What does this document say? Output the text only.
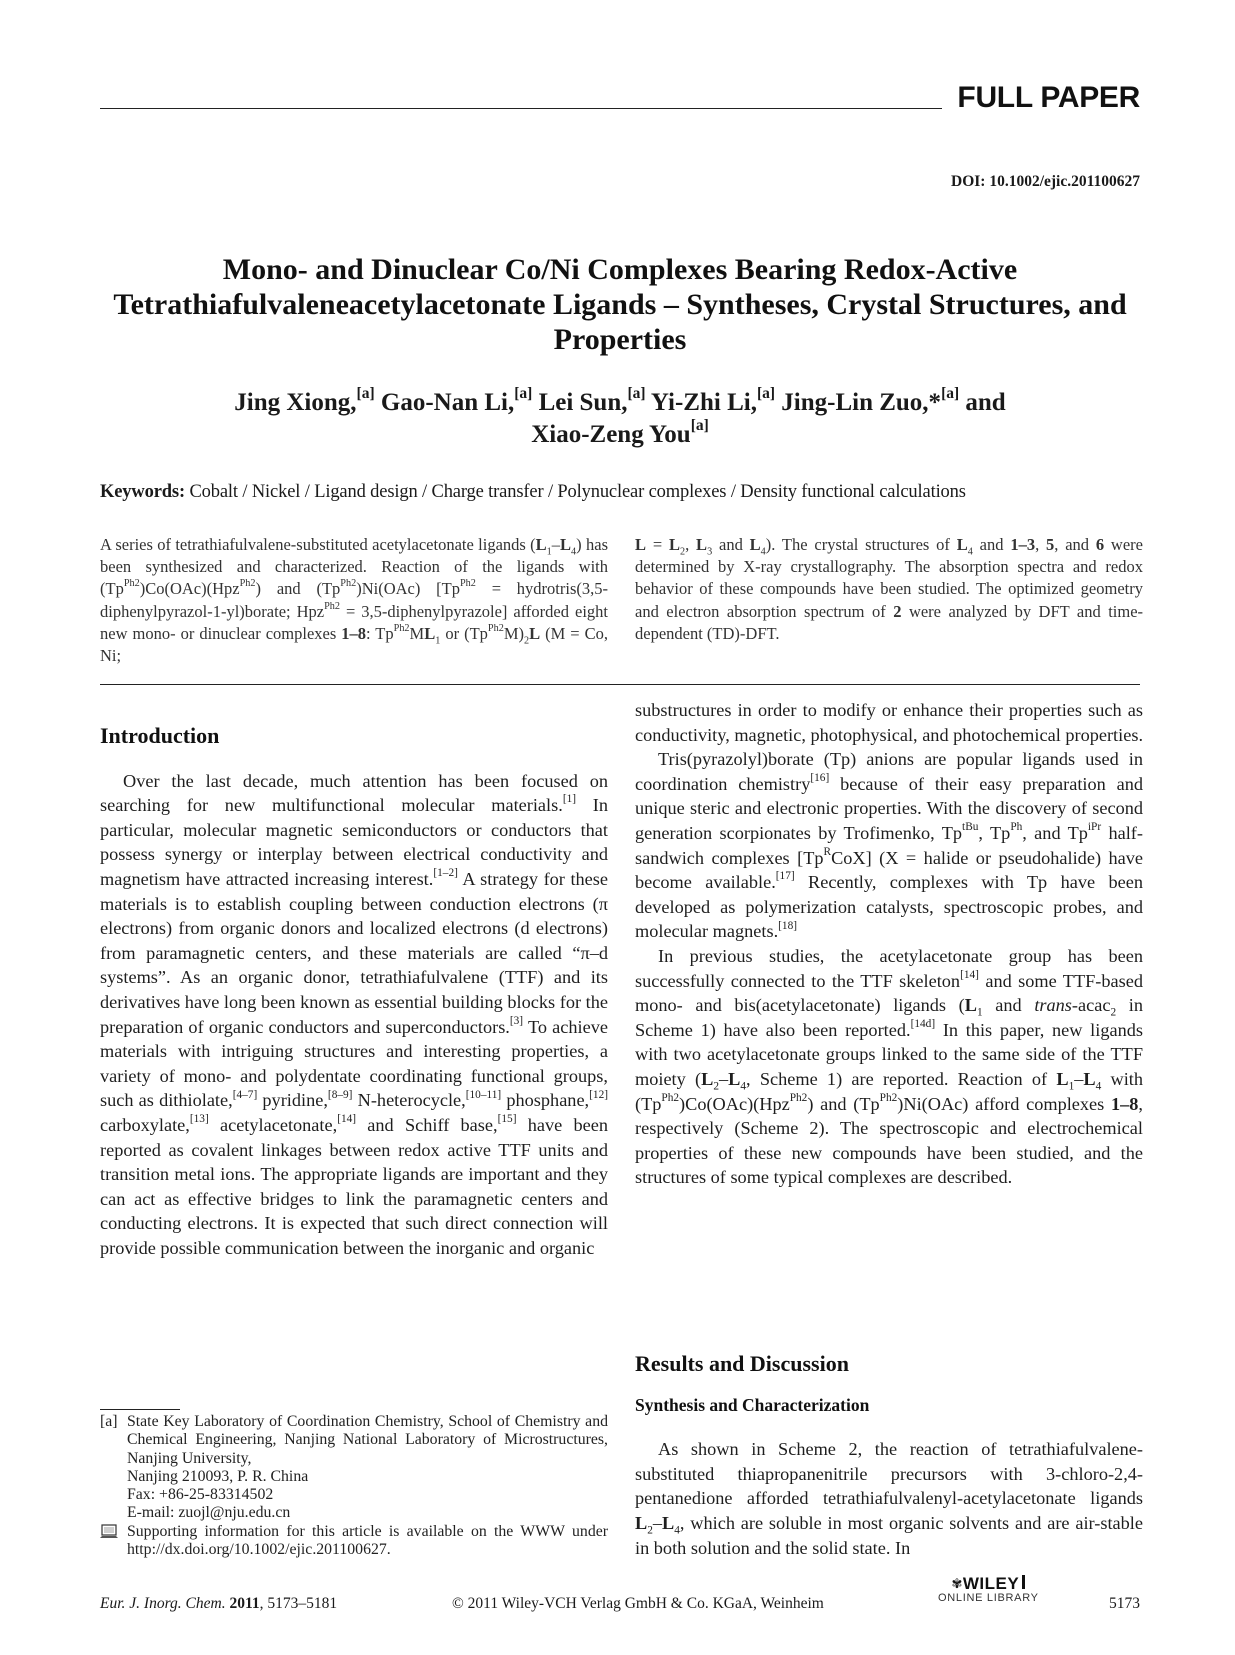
FULL PAPER
DOI: 10.1002/ejic.201100627
Mono- and Dinuclear Co/Ni Complexes Bearing Redox-Active
Tetrathiafulvaleneacetylacetonate Ligands – Syntheses, Crystal Structures, and
Properties
Jing Xiong,[a] Gao-Nan Li,[a] Lei Sun,[a] Yi-Zhi Li,[a] Jing-Lin Zuo,*[a] and
Xiao-Zeng You[a]
Keywords: Cobalt / Nickel / Ligand design / Charge transfer / Polynuclear complexes / Density functional calculations
A series of tetrathiafulvalene-substituted acetylacetonate ligands $(L_1-L_4)$ has been synthesized and characterized. Reaction of the ligands with $(Tp^{Ph2})Co(OAc)(Hpz^{Ph2})$ and $(Tp^{Ph2})Ni(OAc) [Tp^{Ph2}$ = hydrotris(3,5-diphenylpyrazol-1-yl)borate; Hpz$^{Ph2}$ = 3,5-diphenylpyrazole] afforded eight new mono- or dinuclear complexes 1–8: $Tp^{Ph2}ML_1$ or $(Tp^{Ph2}M)_2L$ (M = Co, Ni;
$L = L_2$, $L_3$ and $L_4$). The crystal structures of $L_4$ and 1–3, 5, and 6 were determined by X-ray crystallography. The absorption spectra and redox behavior of these compounds have been studied. The optimized geometry and electron absorption spectrum of 2 were analyzed by DFT and time-dependent (TD)-DFT.
Introduction

Over the last decade, much attention has been focused on searching for new multifunctional molecular materials.[1] In particular, molecular magnetic semiconductors or conductors that possess synergy or interplay between electrical conductivity and magnetism have attracted increasing interest.[1–2] A strategy for these materials is to establish coupling between conduction electrons (π electrons) from organic donors and localized electrons (d electrons) from paramagnetic centers, and these materials are called “π–d systems”. As an organic donor, tetrathiafulvalene (TTF) and its derivatives have long been known as essential building blocks for the preparation of organic conductors and superconductors.[3] To achieve materials with intriguing structures and interesting properties, a variety of mono- and polydentate coordinating functional groups, such as dithiolate,[4–7] pyridine,[8–9] N-heterocycle,[10–11] phosphane,[12] carboxylate,[13] acetylacetonate,[14] and Schiff base,[15] have been reported as covalent linkages between redox active TTF units and transition metal ions. The appropriate ligands are important and they can act as effective bridges to link the paramagnetic centers and conducting electrons. It is expected that such direct connection will provide possible communication between the inorganic and organic

[a] State Key Laboratory of Coordination Chemistry, School of Chemistry and Chemical Engineering, Nanjing National Laboratory of Microstructures, Nanjing University,
Nanjing 210093, P. R. China
Fax: +86-25-83314502
E-mail: zuojl@nju.edu.cn
Supporting information for this article is available on the WWW under http://dx.doi.org/10.1002/ejic.201100627.

substructures in order to modify or enhance their properties such as conductivity, magnetic, photophysical, and photochemical properties.

Tris(pyrazolyl)borate (Tp) anions are popular ligands used in coordination chemistry[16] because of their easy preparation and unique steric and electronic properties. With the discovery of second generation scorpionates by Trofimenko, $Tp^{tBu}$, $Tp^{Ph}$, and $Tp^{iPr}$ half-sandwich complexes $[Tp^RCoX] (X$ = halide or pseudohalide) have become available.[17] Recently, complexes with Tp have been developed as polymerization catalysts, spectroscopic probes, and molecular magnets.[18]

In previous studies, the acetylacetonate group has been successfully connected to the TTF skeleton[14] and some TTF-based mono- and bis(acetylacetonate) ligands ($L_1$ and trans-acac$_2$ in Scheme 1) have also been reported.[14d] In this paper, new ligands with two acetylacetonate groups linked to the same side of the TTF moiety ($L_2-L_4$, Scheme 1) are reported. Reaction of $L_1-L_4$ with $(Tp^{Ph2})Co(OAc)(Hpz^{Ph2})$ and $(Tp^{Ph2})Ni(OAc)$ afford complexes 1–8, respectively (Scheme 2). The spectroscopic and electrochemical properties of these new compounds have been studied, and the structures of some typical complexes are described.

Results and Discussion
Synthesis and Characterization

As shown in Scheme 2, the reaction of tetrathiafulvalene-substituted thiapropanenitrile precursors with 3-chloro-2,4-pentanedione afforded tetrathiafulvalenyl-acetylacetonate ligands $L_2-L_4$, which are soluble in most organic solvents and are air-stable in both solution and the solid state. In

Eur. J. Inorg. Chem. 2011, 5173–5181	© 2011 Wiley-VCH Verlag GmbH & Co. KGaA, Weinheim
✾WILEY
ONLINE LIBRARY	5173
